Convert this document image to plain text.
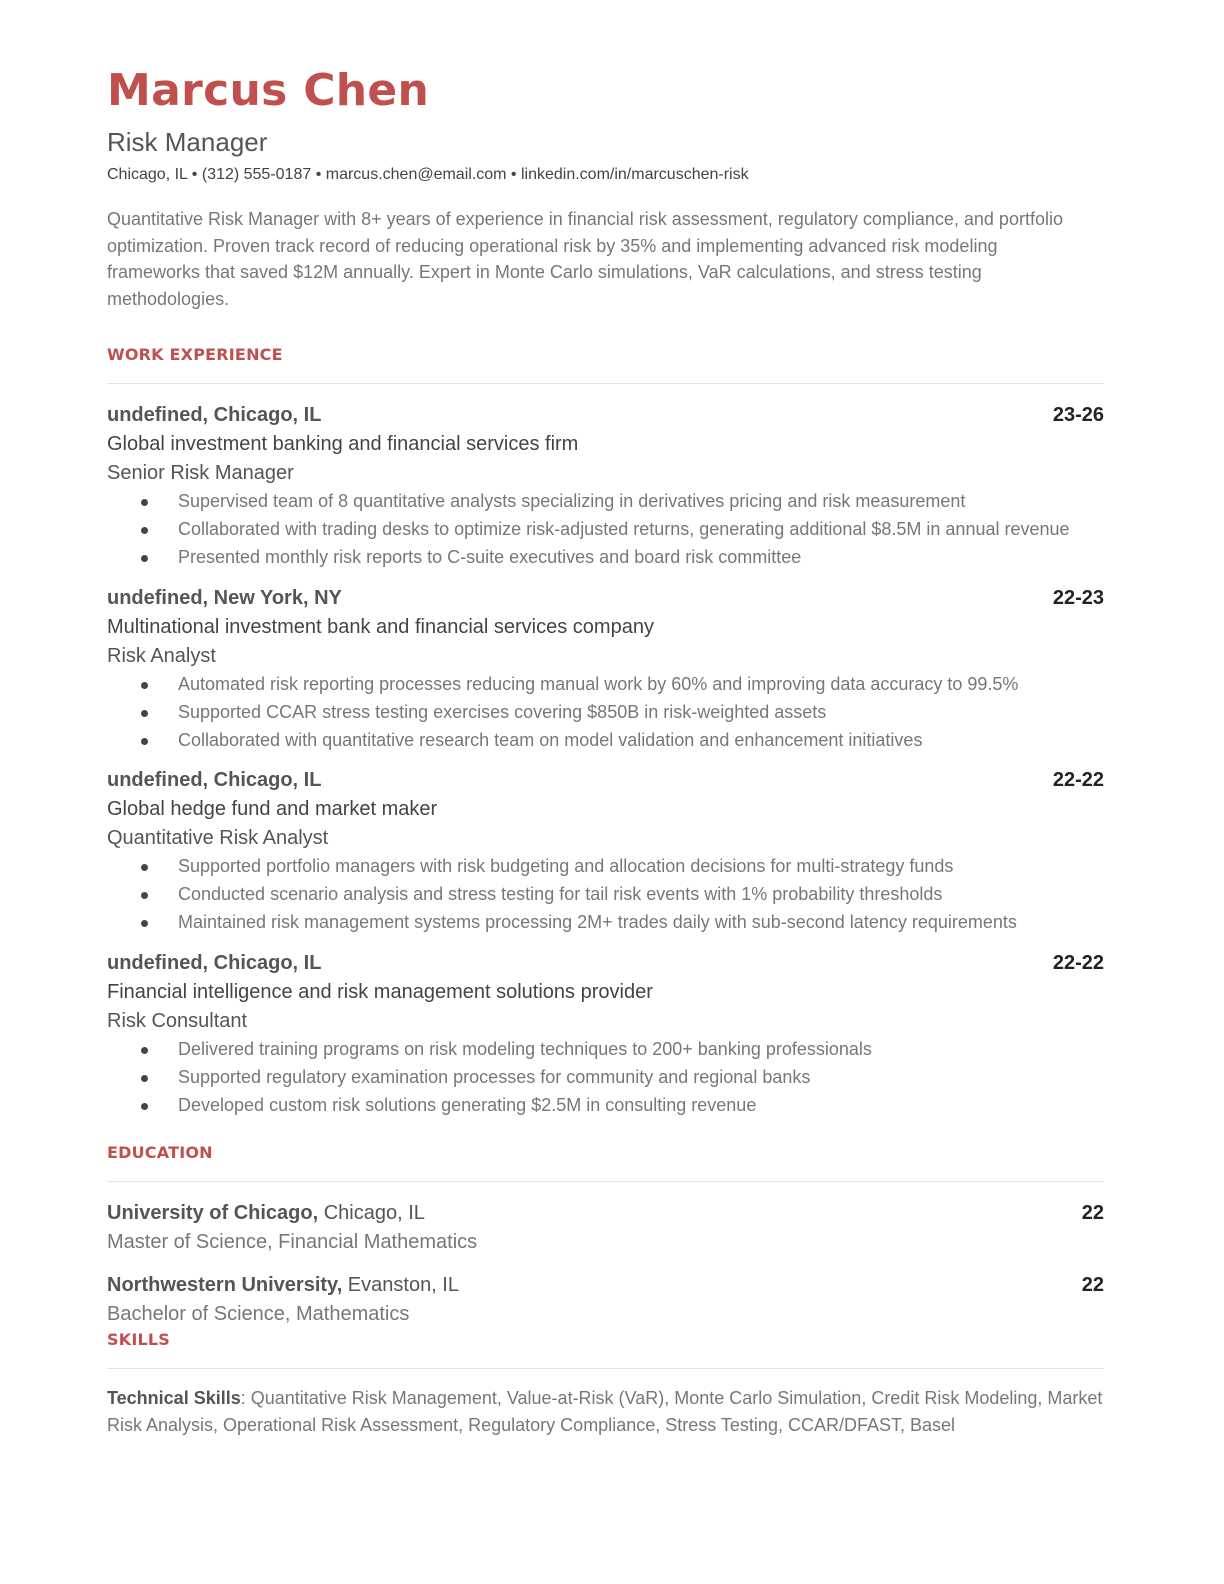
Marcus Chen
Risk Manager
Chicago, IL • (312) 555-0187 • marcus.chen@email.com • linkedin.com/in/marcuschen-risk
Quantitative Risk Manager with 8+ years of experience in financial risk assessment, regulatory compliance, and portfolio optimization. Proven track record of reducing operational risk by 35% and implementing advanced risk modeling frameworks that saved $12M annually. Expert in Monte Carlo simulations, VaR calculations, and stress testing methodologies.
WORK EXPERIENCE
undefined, Chicago, IL	23-26
Global investment banking and financial services firm
Senior Risk Manager
Supervised team of 8 quantitative analysts specializing in derivatives pricing and risk measurement
Collaborated with trading desks to optimize risk-adjusted returns, generating additional $8.5M in annual revenue
Presented monthly risk reports to C-suite executives and board risk committee
undefined, New York, NY	22-23
Multinational investment bank and financial services company
Risk Analyst
Automated risk reporting processes reducing manual work by 60% and improving data accuracy to 99.5%
Supported CCAR stress testing exercises covering $850B in risk-weighted assets
Collaborated with quantitative research team on model validation and enhancement initiatives
undefined, Chicago, IL	22-22
Global hedge fund and market maker
Quantitative Risk Analyst
Supported portfolio managers with risk budgeting and allocation decisions for multi-strategy funds
Conducted scenario analysis and stress testing for tail risk events with 1% probability thresholds
Maintained risk management systems processing 2M+ trades daily with sub-second latency requirements
undefined, Chicago, IL	22-22
Financial intelligence and risk management solutions provider
Risk Consultant
Delivered training programs on risk modeling techniques to 200+ banking professionals
Supported regulatory examination processes for community and regional banks
Developed custom risk solutions generating $2.5M in consulting revenue
EDUCATION
University of Chicago, Chicago, IL	22
Master of Science, Financial Mathematics
Northwestern University, Evanston, IL	22
Bachelor of Science, Mathematics
SKILLS
Technical Skills: Quantitative Risk Management, Value-at-Risk (VaR), Monte Carlo Simulation, Credit Risk Modeling, Market Risk Analysis, Operational Risk Assessment, Regulatory Compliance, Stress Testing, CCAR/DFAST, Basel
